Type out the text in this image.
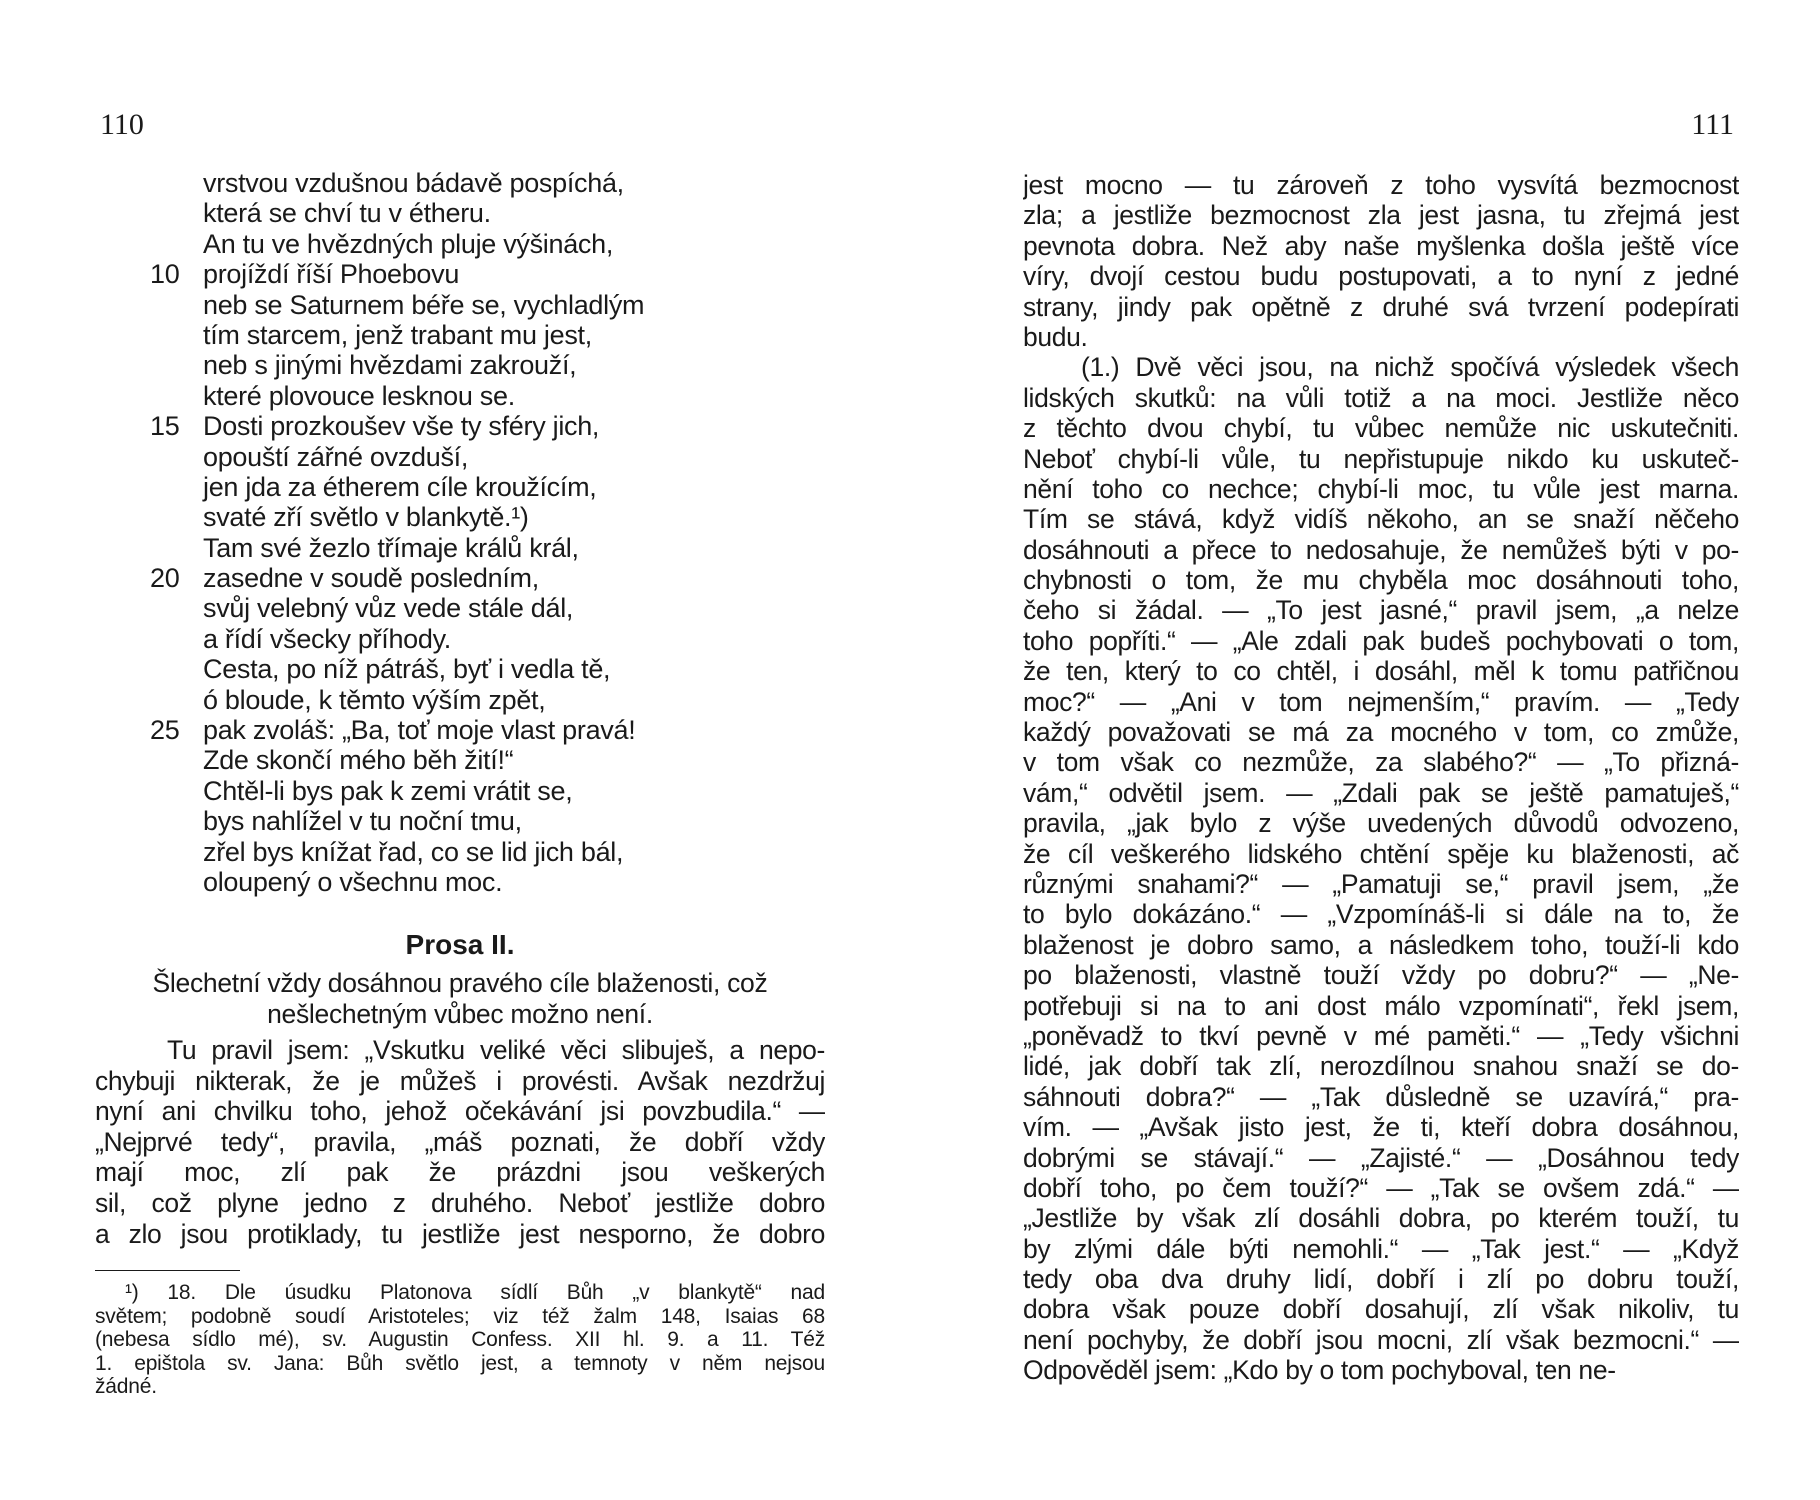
110
vrstvou vzdušnou bádavě pospíchá,
která se chví tu v étheru.
An tu ve hvězdných pluje výšinách,
10 projíždí říší Phoebovu
neb se Saturnem béře se, vychladlým
tím starcem, jenž trabant mu jest,
neb s jinými hvězdami zakrouží,
které plovouce lesknou se.
15 Dosti prozkoušev vše ty sféry jich,
opouští zářné ovzduší,
jen jda za étherem cíle kroužícím,
svaté zří světlo v blankytě.¹)
Tam své žezlo třímaje králů král,
20 zasedne v soudě posledním,
svůj velebný vůz vede stále dál,
a řídí všecky příhody.
Cesta, po níž pátráš, byť i vedla tě,
ó bloude, k těmto výším zpět,
25 pak zvoláš: „Ba, toť moje vlast pravá!
Zde skončí mého běh žití!“
Chtěl-li bys pak k zemi vrátit se,
bys nahlížel v tu noční tmu,
zřel bys knížat řad, co se lid jich bál,
oloupený o všechnu moc.
Prosa II.
Šlechetní vždy dosáhnou pravého cíle blaženosti, což
nešlechetným vůbec možno není.
Tu pravil jsem: „Vskutku veliké věci slibuješ, a nepo-
chybuji nikterak, že je můžeš i provésti. Avšak nezdržuj
nyní ani chvilku toho, jehož očekávání jsi povzbudila.“ —
„Nejprvé tedy“, pravila, „máš poznati, že dobří vždy
mají moc, zlí pak že prázdni jsou veškerých
sil, což plyne jedno z druhého. Neboť jestliže dobro
a zlo jsou protiklady, tu jestliže jest nesporno, že dobro
¹) 18. Dle úsudku Platonova sídlí Bůh „v blankytě“ nad
světem; podobně soudí Aristoteles; viz též žalm 148, Isaias 68
(nebesa sídlo mé), sv. Augustin Confess. XII hl. 9. a 11. Též
1. epištola sv. Jana: Bůh světlo jest, a temnoty v něm nejsou
žádné.
111
jest mocno — tu zároveň z toho vysvítá bezmocnost
zla; a jestliže bezmocnost zla jest jasna, tu zřejmá jest
pevnota dobra. Než aby naše myšlenka došla ještě více
víry, dvojí cestou budu postupovati, a to nyní z jedné
strany, jindy pak opětně z druhé svá tvrzení podepírati
budu.
(1.) Dvě věci jsou, na nichž spočívá výsledek všech
lidských skutků: na vůli totiž a na moci. Jestliže něco
z těchto dvou chybí, tu vůbec nemůže nic uskutečniti.
Neboť chybí-li vůle, tu nepřistupuje nikdo ku uskuteč-
nění toho co nechce; chybí-li moc, tu vůle jest marna.
Tím se stává, když vidíš někoho, an se snaží něčeho
dosáhnouti a přece to nedosahuje, že nemůžeš býti v po-
chybnosti o tom, že mu chyběla moc dosáhnouti toho,
čeho si žádal. — „To jest jasné,“ pravil jsem, „a nelze
toho popříti.“ — „Ale zdali pak budeš pochybovati o tom,
že ten, který to co chtěl, i dosáhl, měl k tomu patřičnou
moc?“ — „Ani v tom nejmenším,“ pravím. — „Tedy
každý považovati se má za mocného v tom, co zmůže,
v tom však co nezmůže, za slabého?“ — „To přizná-
vám,“ odvětil jsem. — „Zdali pak se ještě pamatuješ,“
pravila, „jak bylo z výše uvedených důvodů odvozeno,
že cíl veškerého lidského chtění spěje ku blaženosti, ač
různými snahami?“ — „Pamatuji se,“ pravil jsem, „že
to bylo dokázáno.“ — „Vzpomínáš-li si dále na to, že
blaženost je dobro samo, a následkem toho, touží-li kdo
po blaženosti, vlastně touží vždy po dobru?“ — „Ne-
potřebuji si na to ani dost málo vzpomínati“, řekl jsem,
„poněvadž to tkví pevně v mé paměti.“ — „Tedy všichni
lidé, jak dobří tak zlí, nerozdílnou snahou snaží se do-
sáhnouti dobra?“ — „Tak důsledně se uzavírá,“ pra-
vím. — „Avšak jisto jest, že ti, kteří dobra dosáhnou,
dobrými se stávají.“ — „Zajisté.“ — „Dosáhnou tedy
dobří toho, po čem touží?“ — „Tak se ovšem zdá.“ —
„Jestliže by však zlí dosáhli dobra, po kterém touží, tu
by zlými dále býti nemohli.“ — „Tak jest.“ — „Když
tedy oba dva druhy lidí, dobří i zlí po dobru touží,
dobra však pouze dobří dosahují, zlí však nikoliv, tu
není pochyby, že dobří jsou mocni, zlí však bezmocni.“ —
Odpověděl jsem: „Kdo by o tom pochyboval, ten ne-
